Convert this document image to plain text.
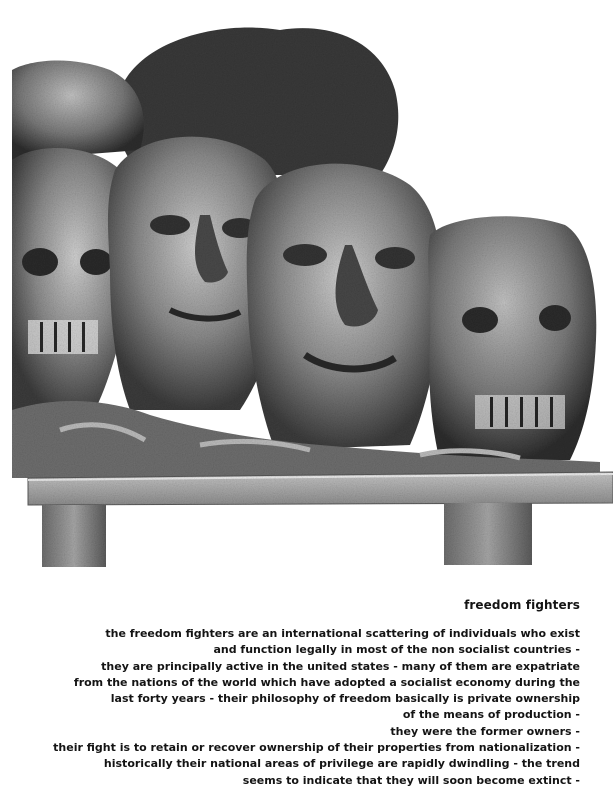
freedom fighters
the freedom fighters are an international scattering of individuals who exist
and function legally in most of the non socialist countries -
they are principally active in the united states - many of them are expatriate
from the nations of the world which have adopted a socialist economy during the
last forty years - their philosophy of freedom basically is private ownership
of the means of production -
they were the former owners -
their fight is to retain or recover ownership of their properties from nationalization -
historically their national areas of privilege are rapidly dwindling - the trend
seems to indicate that they will soon become extinct -
